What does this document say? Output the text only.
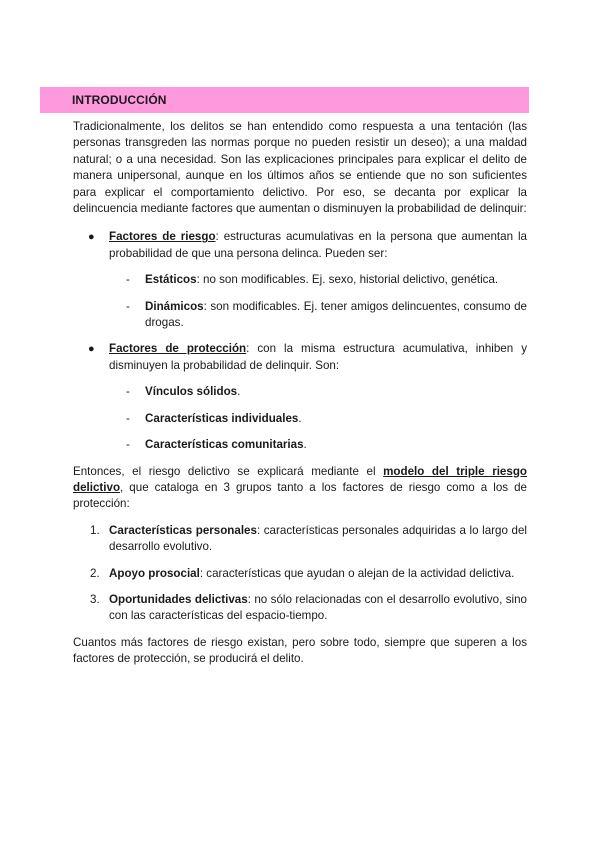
INTRODUCCIÓN

Tradicionalmente, los delitos se han entendido como respuesta a una tentación (las personas transgreden las normas porque no pueden resistir un deseo); a una maldad natural; o a una necesidad. Son las explicaciones principales para explicar el delito de manera unipersonal, aunque en los últimos años se entiende que no son suficientes para explicar el comportamiento delictivo. Por eso, se decanta por explicar la delincuencia mediante factores que aumentan o disminuyen la probabilidad de delinquir:

● Factores de riesgo: estructuras acumulativas en la persona que aumentan la probabilidad de que una persona delinca. Pueden ser:
- Estáticos: no son modificables. Ej. sexo, historial delictivo, genética.
- Dinámicos: son modificables. Ej. tener amigos delincuentes, consumo de drogas.
● Factores de protección: con la misma estructura acumulativa, inhiben y disminuyen la probabilidad de delinquir. Son:
- Vínculos sólidos.
- Características individuales.
- Características comunitarias.

Entonces, el riesgo delictivo se explicará mediante el modelo del triple riesgo delictivo, que cataloga en 3 grupos tanto a los factores de riesgo como a los de protección:

1. Características personales: características personales adquiridas a lo largo del desarrollo evolutivo.
2. Apoyo prosocial: características que ayudan o alejan de la actividad delictiva.
3. Oportunidades delictivas: no sólo relacionadas con el desarrollo evolutivo, sino con las características del espacio-tiempo.

Cuantos más factores de riesgo existan, pero sobre todo, siempre que superen a los factores de protección, se producirá el delito.
